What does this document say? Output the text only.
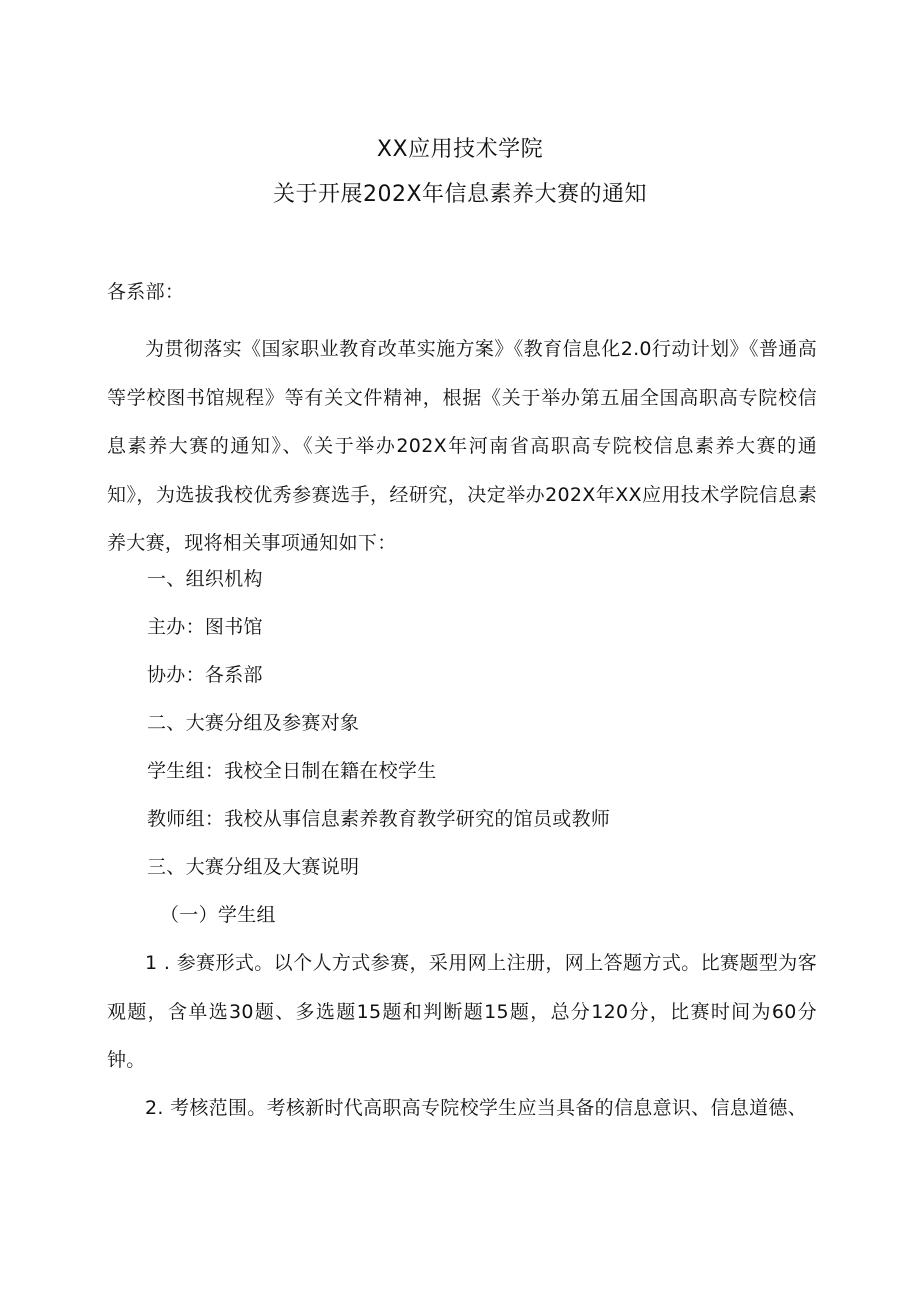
XX应用技术学院
关于开展202X年信息素养大赛的通知
各系部：
为贯彻落实《国家职业教育改革实施方案》《教育信息化2.0行动计划》《普通高等学校图书馆规程》等有关文件精神，根据《关于举办第五届全国高职高专院校信息素养大赛的通知》、《关于举办202X年河南省高职高专院校信息素养大赛的通知》，为选拔我校优秀参赛选手，经研究，决定举办202X年XX应用技术学院信息素养大赛，现将相关事项通知如下：
一、组织机构
主办：图书馆
协办：各系部
二、大赛分组及参赛对象
学生组：我校全日制在籍在校学生
教师组：我校从事信息素养教育教学研究的馆员或教师
三、大赛分组及大赛说明
（一）学生组
1 . 参赛形式。以个人方式参赛，采用网上注册，网上答题方式。比赛题型为客观题，含单选30题、多选题15题和判断题15题，总分120分，比赛时间为60分钟。
2. 考核范围。考核新时代高职高专院校学生应当具备的信息意识、信息道德、
